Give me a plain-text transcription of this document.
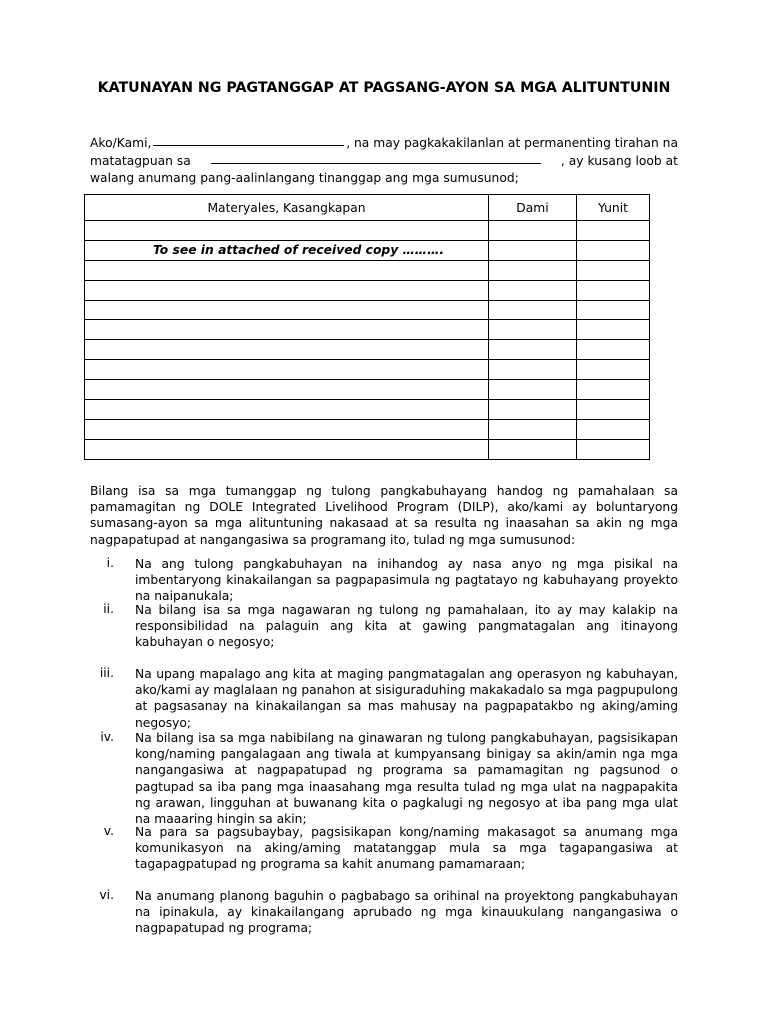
KATUNAYAN NG PAGTANGGAP AT PAGSANG-AYON SA MGA ALITUNTUNIN
Ako/Kami,	, na may pagkakakilanlan at permanenting tirahan na
matatagpuan sa	, ay kusang loob at
walang anumang pang-aalinlangang tinanggap ang mga sumusunod;
Materyales, Kasangkapan	Dami	Yunit

To see in attached of received copy ……….		

Bilang isa sa mga tumanggap ng tulong pangkabuhayang handog ng pamahalaan sa pamamagitan ng DOLE Integrated Livelihood Program (DILP), ako/kami ay boluntaryong sumasang-ayon sa mga alituntuning nakasaad at sa resulta ng inaasahan sa akin ng mga nagpapatupad at nangangasiwa sa programang ito, tulad ng mga sumusunod:
i. Na ang tulong pangkabuhayan na inihandog ay nasa anyo ng mga pisikal na imbentaryong kinakailangan sa pagpapasimula ng pagtatayo ng kabuhayang proyekto na naipanukala;
ii. Na bilang isa sa mga nagawaran ng tulong ng pamahalaan, ito ay may kalakip na responsibilidad na palaguin ang kita at gawing pangmatagalan ang itinayong kabuhayan o negosyo;
iii. Na upang mapalago ang kita at maging pangmatagalan ang operasyon ng kabuhayan, ako/kami ay maglalaan ng panahon at sisiguraduhing makakadalo sa mga pagpupulong at pagsasanay na kinakailangan sa mas mahusay na pagpapatakbo ng aking/aming negosyo;
iv. Na bilang isa sa mga nabibilang na ginawaran ng tulong pangkabuhayan, pagsisikapan kong/naming pangalagaan ang tiwala at kumpyansang binigay sa akin/amin nga mga nangangasiwa at nagpapatupad ng programa sa pamamagitan ng pagsunod o pagtupad sa iba pang mga inaasahang mga resulta tulad ng mga ulat na nagpapakita ng arawan, lingguhan at buwanang kita o pagkalugi ng negosyo at iba pang mga ulat na maaaring hingin sa akin;
v. Na para sa pagsubaybay, pagsisikapan kong/naming makasagot sa anumang mga komunikasyon na aking/aming matatanggap mula sa mga tagapangasiwa at tagapagpatupad ng programa sa kahit anumang pamamaraan;
vi. Na anumang planong baguhin o pagbabago sa orihinal na proyektong pangkabuhayan na ipinakula, ay kinakailangang aprubado ng mga kinauukulang nangangasiwa o nagpapatupad ng programa;
